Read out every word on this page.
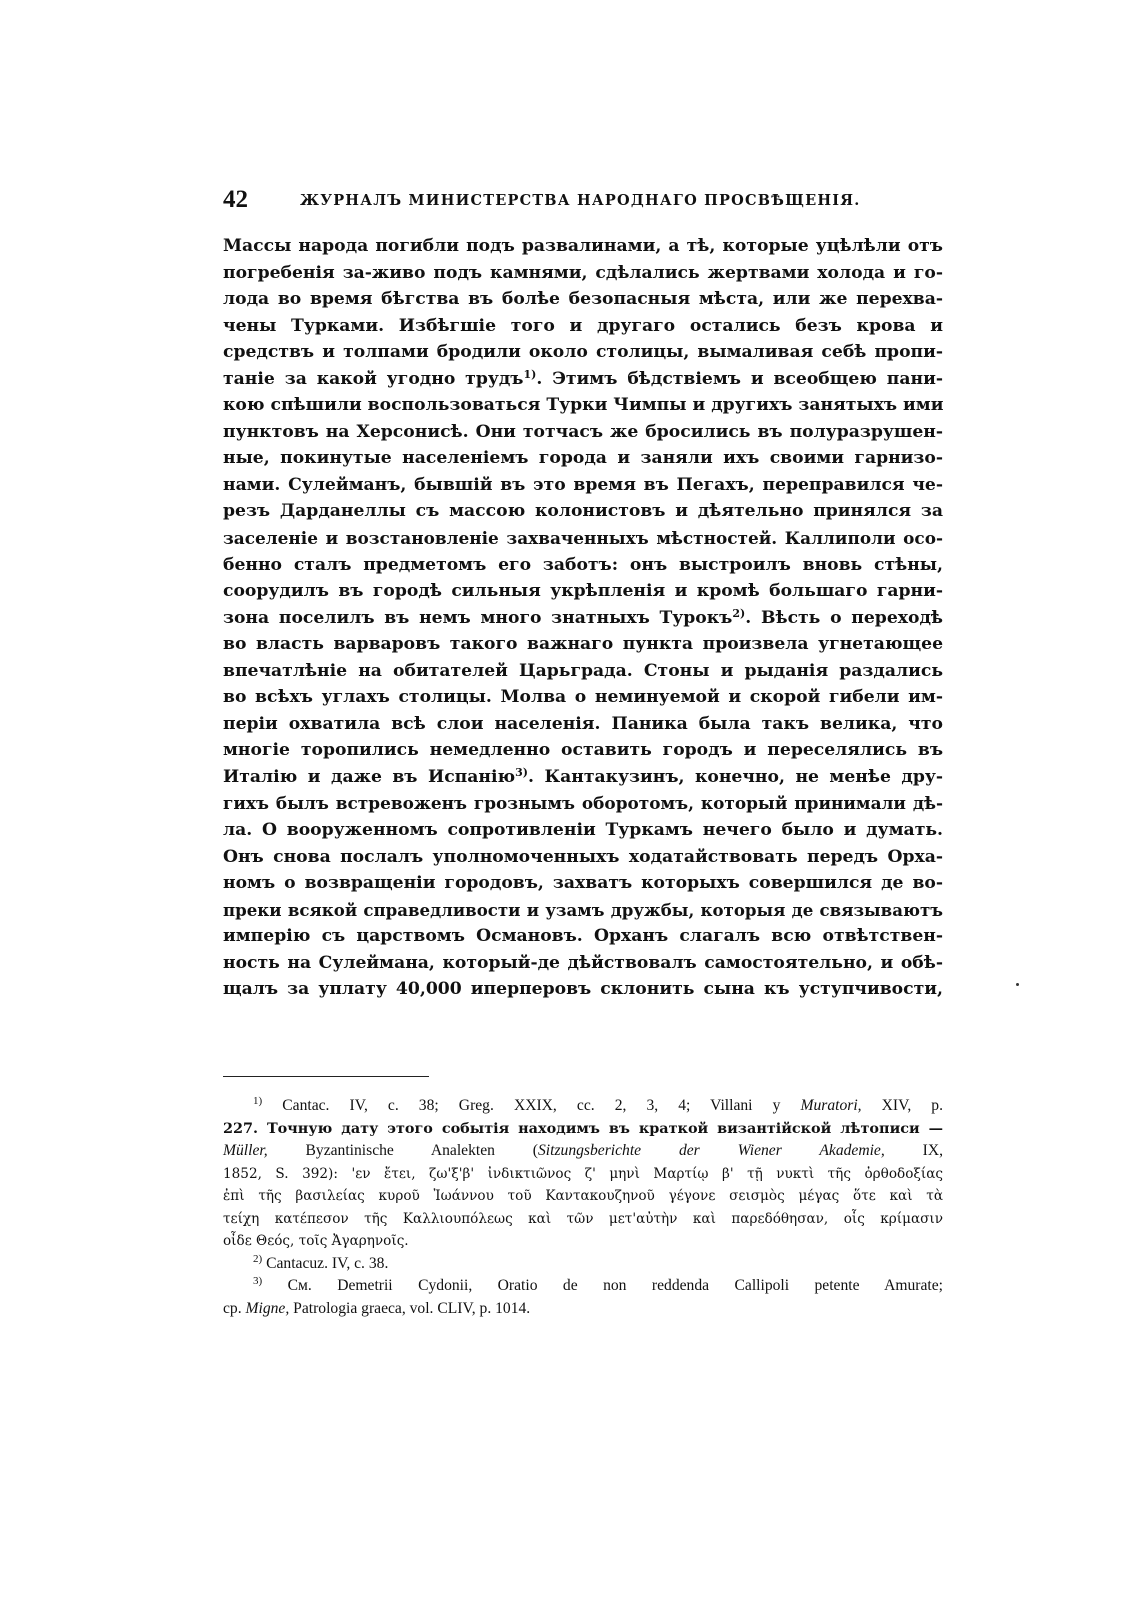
42	ЖУРНАЛЪ МИНИСТЕРСТВА НАРОДНАГО ПРОСВѢЩЕНІЯ.
Массы народа погибли подъ развалинами, а тѣ, которые уцѣлѣли отъ
погребенія за-живо подъ камнями, сдѣлались жертвами холода и го-
лода во время бѣгства въ болѣе безопасныя мѣста, или же перехва-
чены Турками. Избѣгшіе того и другаго остались безъ крова и
средствъ и толпами бродили около столицы, вымаливая себѣ пропи-
таніе за какой угодно трудъ$^{1)}$. Этимъ бѣдствіемъ и всеобщею пани-
кою спѣшили воспользоваться Турки Чимпы и другихъ занятыхъ ими
пунктовъ на Херсонисѣ. Они тотчасъ же бросились въ полуразрушен-
ные, покинутые населеніемъ города и заняли ихъ своими гарнизо-
нами. Сулейманъ, бывшій въ это время въ Пегахъ, переправился че-
резъ Дарданеллы съ массою колонистовъ и дѣятельно принялся за
заселеніе и возстановленіе захваченныхъ мѣстностей. Каллиполи осо-
бенно сталъ предметомъ его заботъ: онъ выстроилъ вновь стѣны,
соорудилъ въ городѣ сильныя укрѣпленія и кромѣ большаго гарни-
зона поселилъ въ немъ много знатныхъ Турокъ$^{2)}$. Вѣсть о переходѣ
во власть варваровъ такого важнаго пункта произвела угнетающее
впечатлѣніе на обитателей Царьграда. Стоны и рыданія раздались
во всѣхъ углахъ столицы. Молва о неминуемой и скорой гибели им-
періи охватила всѣ слои населенія. Паника была такъ велика, что
многіе торопились немедленно оставить городъ и переселялись въ
Италію и даже въ Испанію$^{3)}$. Кантакузинъ, конечно, не менѣе дру-
гихъ былъ встревоженъ грознымъ оборотомъ, который принимали дѣ-
ла. О вооруженномъ сопротивленіи Туркамъ нечего было и думать.
Онъ снова послалъ уполномоченныхъ ходатайствовать передъ Орха-
номъ о возвращеніи городовъ, захватъ которыхъ совершился де во-
преки всякой справедливости и узамъ дружбы, которыя де связываютъ
имперію съ царствомъ Османовъ. Орханъ слагалъ всю отвѣтствен-
ность на Сулеймана, который-де дѣйствовалъ самостоятельно, и обѣ-
щалъ за уплату 40,000 иперперовъ склонить сына къ уступчивости,
$^{1)}$ Cantac. IV, c. 38; Greg. XXIX, cc. 2, 3, 4; Villani y Muratori, XIV, p.
227. Точную дату этого событія находимъ въ краткой византійской лѣтописи —
Müller, Byzantinische Analekten (Sitzungsberichte der Wiener Akademie, IX,
1852, S. 392): 'εν ἔτει, ζω'ξ'β' ἰνδικτιῶνος ζ' μηνὶ Μαρτίῳ β' τῇ νυκτὶ τῆς ὀρθοδοξίας
ἐπὶ τῆς βασιλείας κυροῦ Ἰωάννου τοῦ Καντακουζηνοῦ γέγονε σεισμὸς μέγας ὅτε καὶ τὰ
τείχη κατέπεσον τῆς Καλλιουπόλεως καὶ τῶν μετ'αὐτὴν καὶ παρεδόθησαν, οἷς κρίμασιν
οἶδε Θεός, τοῖς Ἀγαρηνοῖς.
$^{2)}$ Cantacuz. IV, c. 38.
$^{3)}$ Cм. Demetrii Cydonii, Oratio de non reddenda Callipoli petente Amurate;
cp. Migne, Patrologia graeca, vol. CLIV, p. 1014.
